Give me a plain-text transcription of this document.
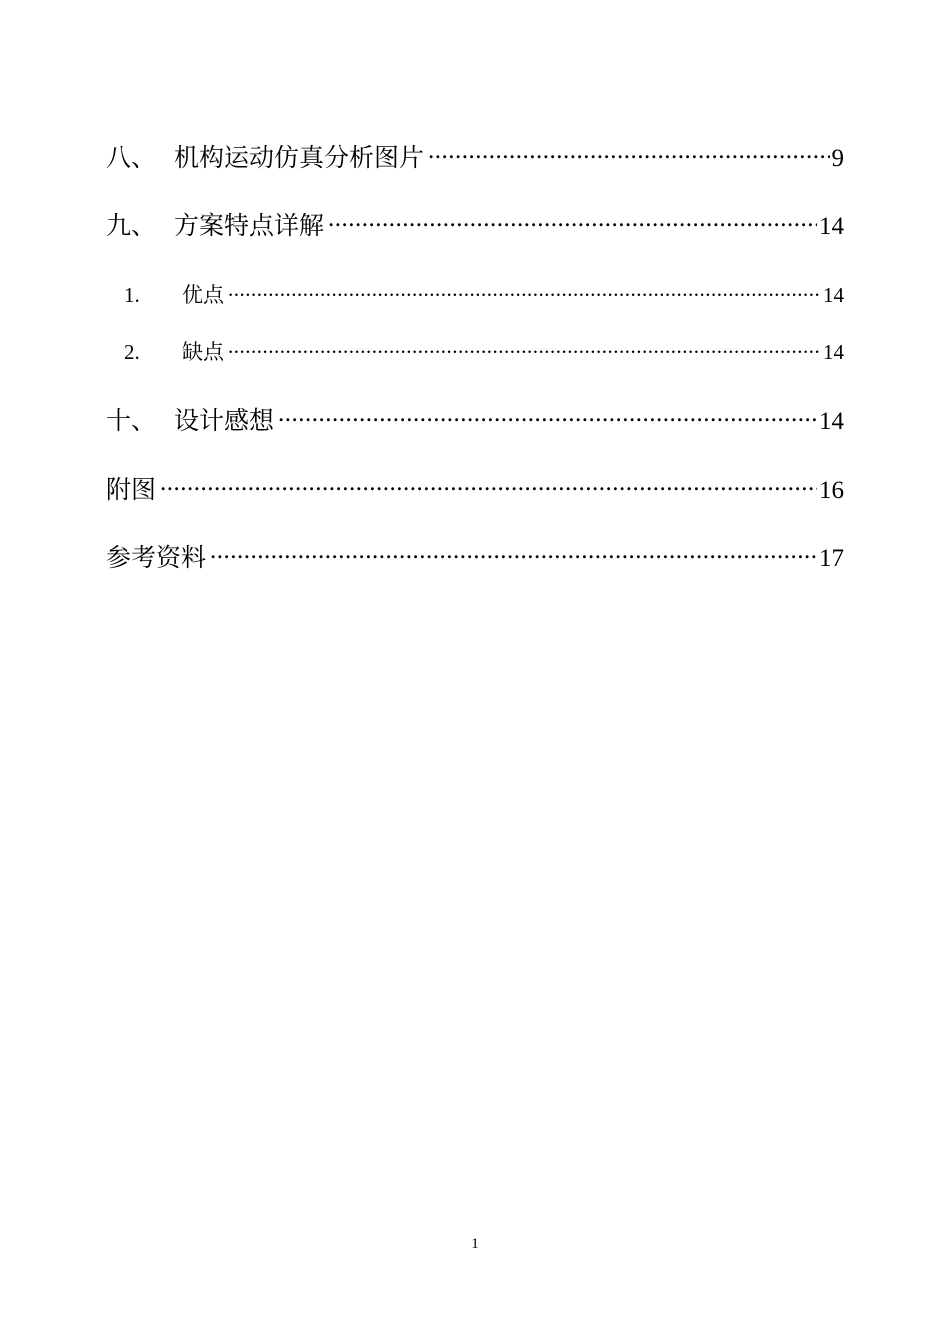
八、 机构运动仿真分析图片 .....	9
九、 方案特点详解 .....	14
1.	优点 .....	14
2.	缺点 .....	14
十、 设计感想 .....	14
附图 .....	16
参考资料 .....	17
1
